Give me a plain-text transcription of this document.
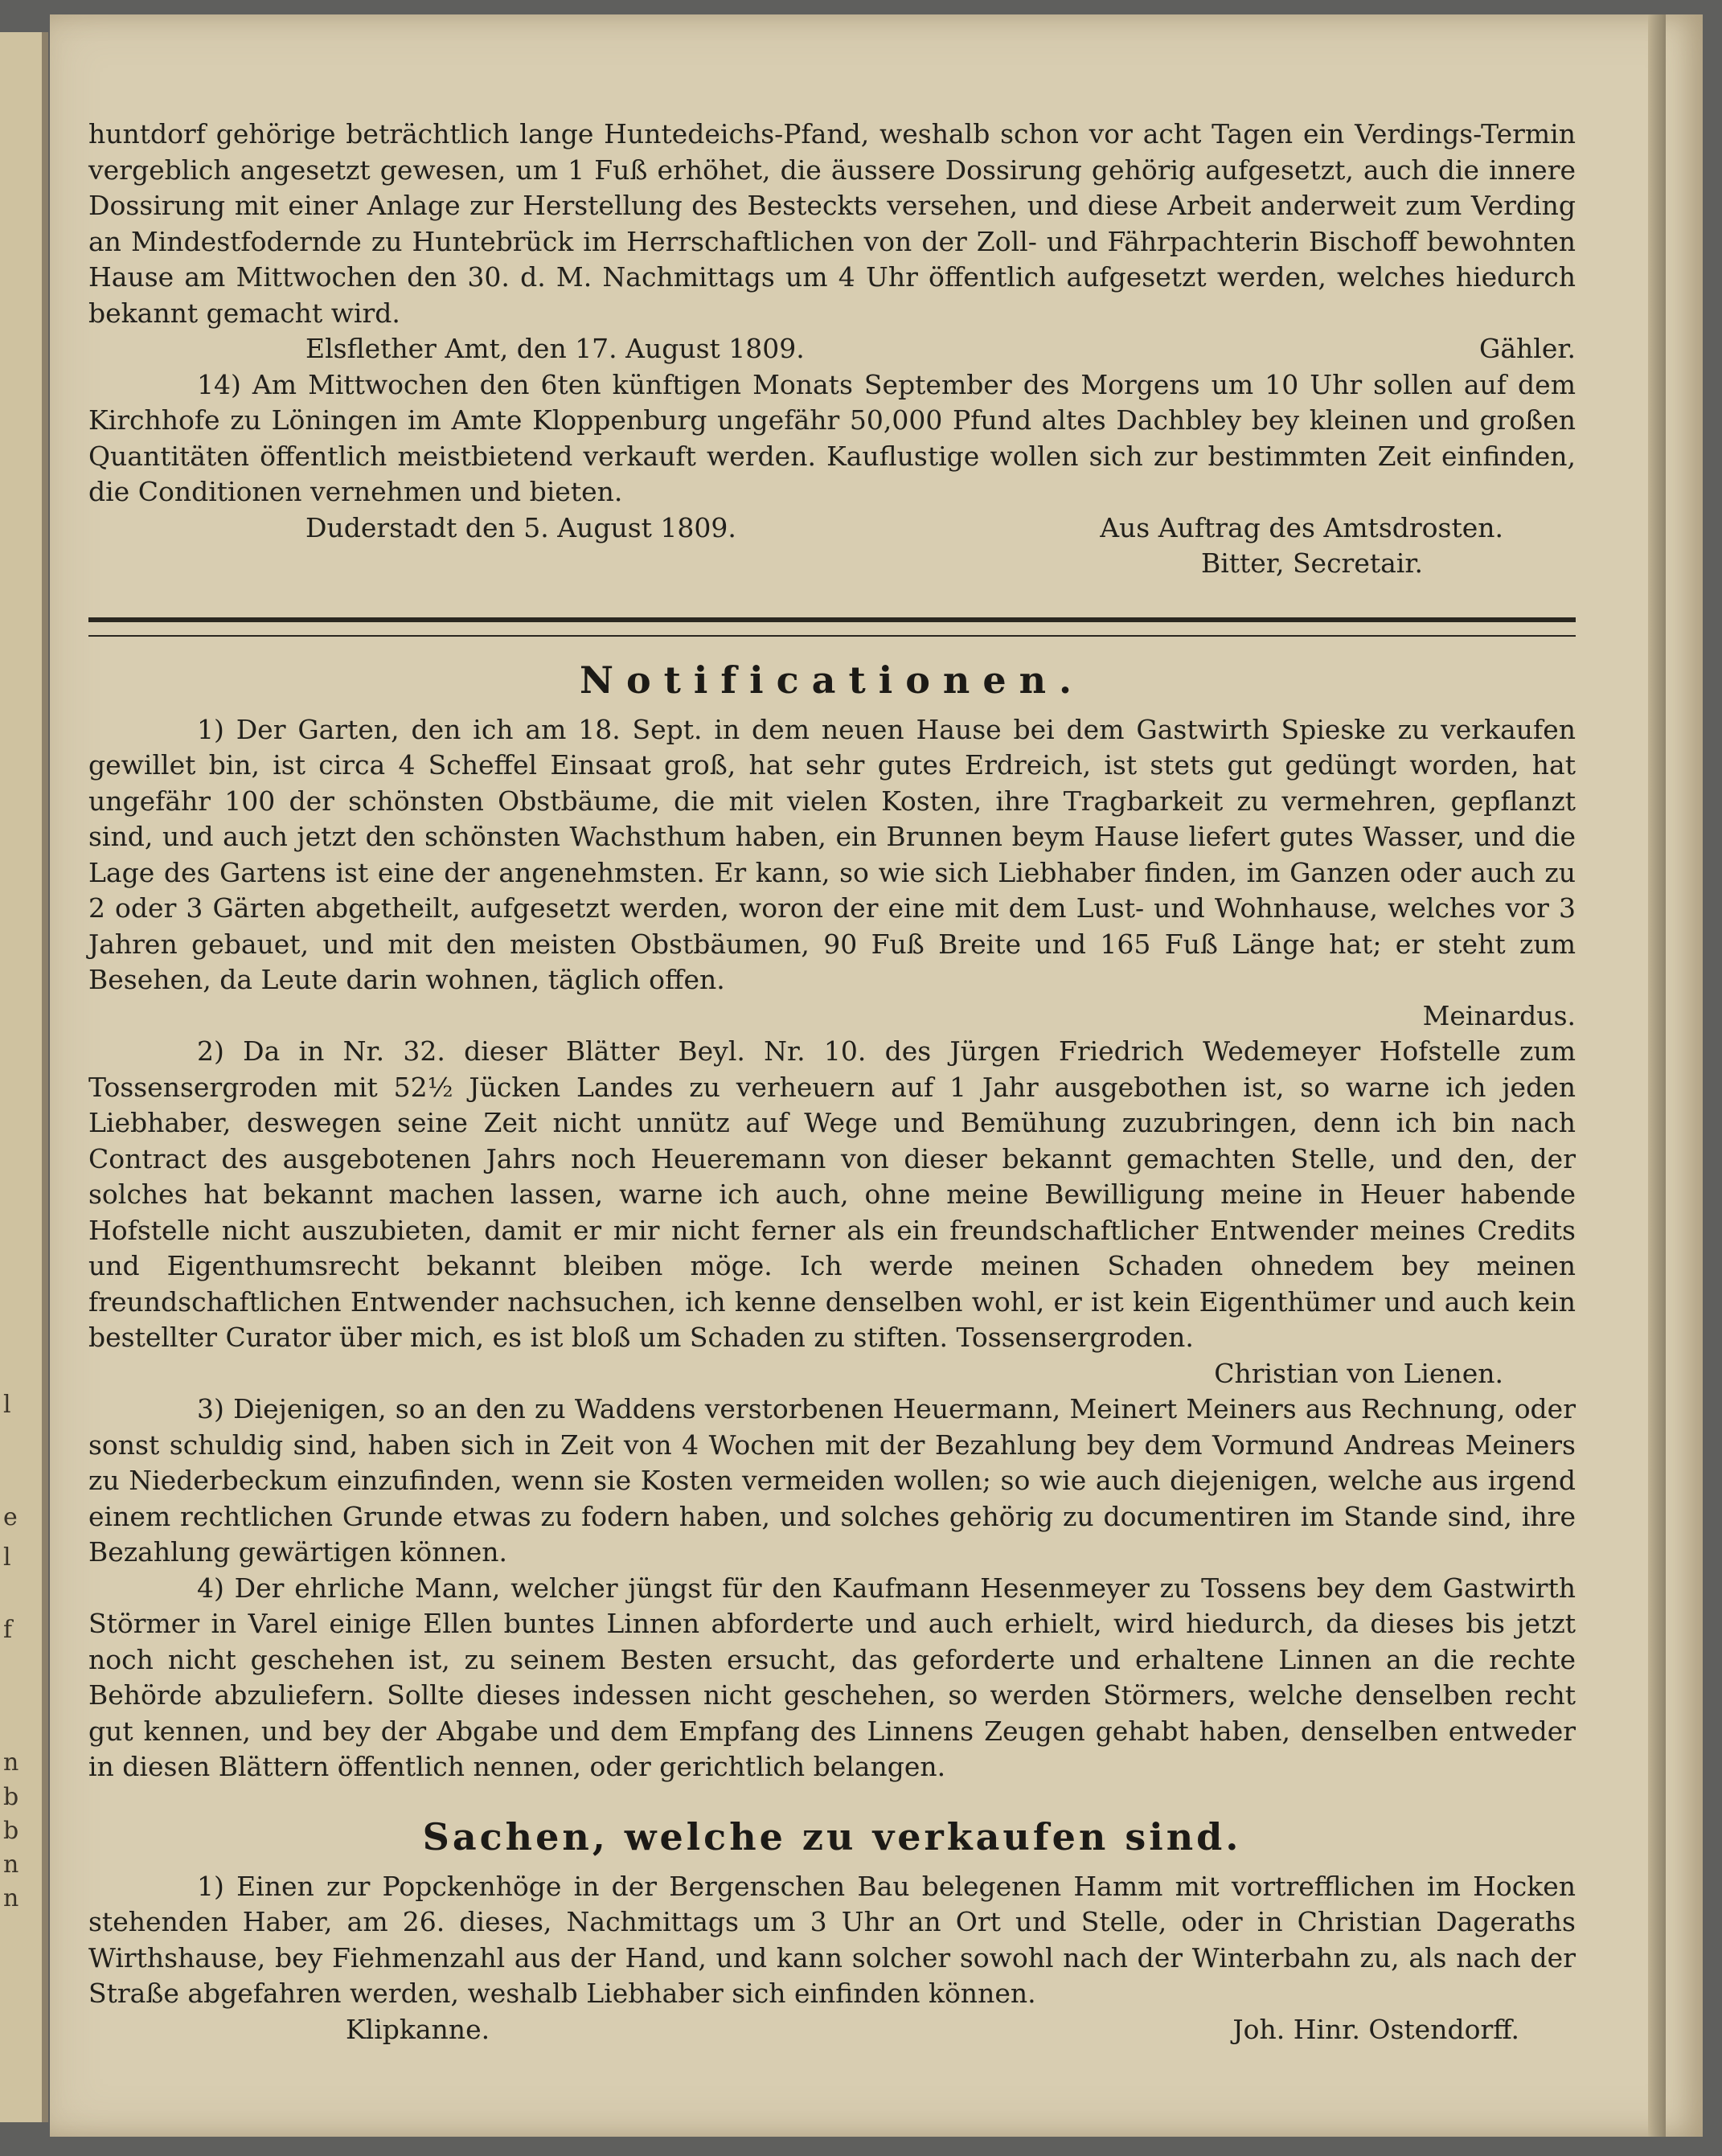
l
e
l
f
n
b
b
n
n

huntdorf gehörige beträchtlich lange Huntedeichs-Pfand, weshalb schon vor acht Tagen ein Verdings-Termin vergeblich angesetzt gewesen, um 1 Fuß erhöhet, die äussere Dossirung gehörig aufgesetzt, auch die innere Dossirung mit einer Anlage zur Herstellung des Besteckts versehen, und diese Arbeit anderweit zum Verding an Mindestfodernde zu Huntebrück im Herrschaftlichen von der Zoll- und Fährpachterin Bischoff bewohnten Hause am Mittwochen den 30. d. M. Nachmittags um 4 Uhr öffentlich aufgesetzt werden, welches hiedurch bekannt gemacht wird.

Elsflether Amt, den 17. August 1809.	Gähler.

14) Am Mittwochen den 6ten künftigen Monats September des Morgens um 10 Uhr sollen auf dem Kirchhofe zu Löningen im Amte Kloppenburg ungefähr 50,000 Pfund altes Dachbley bey kleinen und großen Quantitäten öffentlich meistbietend verkauft werden. Kauflustige wollen sich zur bestimmten Zeit einfinden, die Conditionen vernehmen und bieten.

Duderstadt den 5. August 1809.	Aus Auftrag des Amtsdrosten.
Bitter, Secretair.
Notificationen.

1) Der Garten, den ich am 18. Sept. in dem neuen Hause bei dem Gastwirth Spieske zu verkaufen gewillet bin, ist circa 4 Scheffel Einsaat groß, hat sehr gutes Erdreich, ist stets gut gedüngt worden, hat ungefähr 100 der schönsten Obstbäume, die mit vielen Kosten, ihre Tragbarkeit zu vermehren, gepflanzt sind, und auch jetzt den schönsten Wachsthum haben, ein Brunnen beym Hause liefert gutes Wasser, und die Lage des Gartens ist eine der angenehmsten. Er kann, so wie sich Liebhaber finden, im Ganzen oder auch zu 2 oder 3 Gärten abgetheilt, aufgesetzt werden, woron der eine mit dem Lust- und Wohnhause, welches vor 3 Jahren gebauet, und mit den meisten Obstbäumen, 90 Fuß Breite und 165 Fuß Länge hat; er steht zum Besehen, da Leute darin wohnen, täglich offen.

Meinardus.

2) Da in Nr. 32. dieser Blätter Beyl. Nr. 10. des Jürgen Friedrich Wedemeyer Hofstelle zum Tossensergroden mit 52½ Jücken Landes zu verheuern auf 1 Jahr ausgebothen ist, so warne ich jeden Liebhaber, deswegen seine Zeit nicht unnütz auf Wege und Bemühung zuzubringen, denn ich bin nach Contract des ausgebotenen Jahrs noch Heueremann von dieser bekannt gemachten Stelle, und den, der solches hat bekannt machen lassen, warne ich auch, ohne meine Bewilligung meine in Heuer habende Hofstelle nicht auszubieten, damit er mir nicht ferner als ein freundschaftlicher Entwender meines Credits und Eigenthumsrecht bekannt bleiben möge. Ich werde meinen Schaden ohnedem bey meinen freundschaftlichen Entwender nachsuchen, ich kenne denselben wohl, er ist kein Eigenthümer und auch kein bestellter Curator über mich, es ist bloß um Schaden zu stiften. Tossensergroden.

Christian von Lienen.

3) Diejenigen, so an den zu Waddens verstorbenen Heuermann, Meinert Meiners aus Rechnung, oder sonst schuldig sind, haben sich in Zeit von 4 Wochen mit der Bezahlung bey dem Vormund Andreas Meiners zu Niederbeckum einzufinden, wenn sie Kosten vermeiden wollen; so wie auch diejenigen, welche aus irgend einem rechtlichen Grunde etwas zu fodern haben, und solches gehörig zu documentiren im Stande sind, ihre Bezahlung gewärtigen können.

4) Der ehrliche Mann, welcher jüngst für den Kaufmann Hesenmeyer zu Tossens bey dem Gastwirth Störmer in Varel einige Ellen buntes Linnen abforderte und auch erhielt, wird hiedurch, da dieses bis jetzt noch nicht geschehen ist, zu seinem Besten ersucht, das geforderte und erhaltene Linnen an die rechte Behörde abzuliefern. Sollte dieses indessen nicht geschehen, so werden Störmers, welche denselben recht gut kennen, und bey der Abgabe und dem Empfang des Linnens Zeugen gehabt haben, denselben entweder in diesen Blättern öffentlich nennen, oder gerichtlich belangen.

Sachen, welche zu verkaufen sind.

1) Einen zur Popckenhöge in der Bergenschen Bau belegenen Hamm mit vortrefflichen im Hocken stehenden Haber, am 26. dieses, Nachmittags um 3 Uhr an Ort und Stelle, oder in Christian Dageraths Wirthshause, bey Fiehmenzahl aus der Hand, und kann solcher sowohl nach der Winterbahn zu, als nach der Straße abgefahren werden, weshalb Liebhaber sich einfinden können.

Klipkanne.	Joh. Hinr. Ostendorff.
